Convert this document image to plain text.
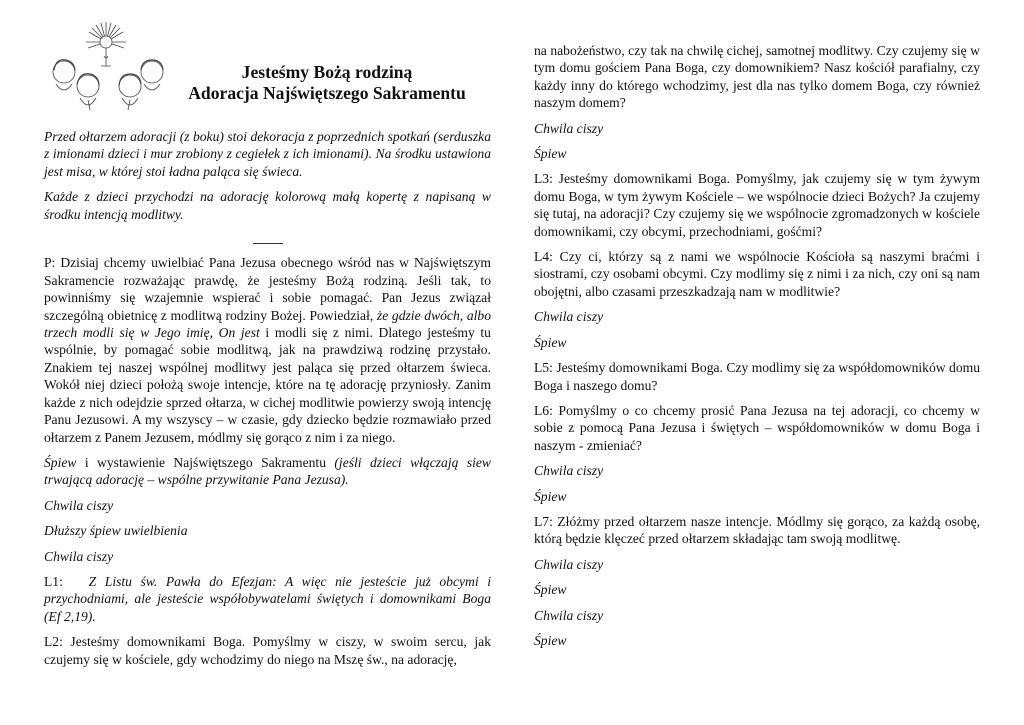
Jesteśmy Bożą rodziną
Adoracja Najświętszego Sakramentu

Przed ołtarzem adoracji (z boku) stoi dekoracja z poprzednich spotkań (serduszka z imionami dzieci i mur zrobiony z cegiełek z ich imionami). Na środku ustawiona jest misa, w której stoi ładna paląca się świeca.

Każde z dzieci przychodzi na adorację kolorową małą kopertę z napisaną w środku intencją modlitwy.

P: Dzisiaj chcemy uwielbiać Pana Jezusa obecnego wśród nas w Najświętszym Sakramencie rozważając prawdę, że jesteśmy Bożą rodziną. Jeśli tak, to powinniśmy się wzajemnie wspierać i sobie pomagać. Pan Jezus związał szczególną obietnicę z modlitwą rodziny Bożej. Powiedział, że gdzie dwóch, albo trzech modli się w Jego imię, On jest i modli się z nimi. Dlatego jesteśmy tu wspólnie, by pomagać sobie modlitwą, jak na prawdziwą rodzinę przystało. Znakiem tej naszej wspólnej modlitwy jest paląca się przed ołtarzem świeca. Wokół niej dzieci położą swoje intencje, które na tę adorację przyniosły. Zanim każde z nich odejdzie sprzed ołtarza, w cichej modlitwie powierzy swoją intencję Panu Jezusowi. A my wszyscy – w czasie, gdy dziecko będzie rozmawiało przed ołtarzem z Panem Jezusem, módlmy się gorąco z nim i za niego.

Śpiew i wystawienie Najświętszego Sakramentu (jeśli dzieci włączają siew trwającą adorację – wspólne przywitanie Pana Jezusa).

Chwila ciszy

Dłuższy śpiew uwielbienia

Chwila ciszy

L1: Z Listu św. Pawła do Efezjan: A więc nie jesteście już obcymi i przychodniami, ale jesteście współobywatelami świętych i domownikami Boga (Ef 2,19).

L2: Jesteśmy domownikami Boga. Pomyślmy w ciszy, w swoim sercu, jak czujemy się w kościele, gdy wchodzimy do niego na Mszę św., na adorację,

na nabożeństwo, czy tak na chwilę cichej, samotnej modlitwy. Czy czujemy się w tym domu gościem Pana Boga, czy domownikiem? Nasz kościół parafialny, czy każdy inny do którego wchodzimy, jest dla nas tylko domem Boga, czy również naszym domem?

Chwila ciszy

Śpiew

L3: Jesteśmy domownikami Boga. Pomyślmy, jak czujemy się w tym żywym domu Boga, w tym żywym Kościele – we wspólnocie dzieci Bożych? Ja czujemy się tutaj, na adoracji? Czy czujemy się we wspólnocie zgromadzonych w kościele domownikami, czy obcymi, przechodniami, gośćmi?

L4: Czy ci, którzy są z nami we wspólnocie Kościoła są naszymi braćmi i siostrami, czy osobami obcymi. Czy modlimy się z nimi i za nich, czy oni są nam obojętni, albo czasami przeszkadzają nam w modlitwie?

Chwila ciszy

Śpiew

L5: Jesteśmy domownikami Boga. Czy modlimy się za współdomowników domu Boga i naszego domu?

L6: Pomyślmy o co chcemy prosić Pana Jezusa na tej adoracji, co chcemy w sobie z pomocą Pana Jezusa i świętych – współdomowników w domu Boga i naszym - zmieniać?

Chwila ciszy

Śpiew

L7: Złóżmy przed ołtarzem nasze intencje. Módlmy się gorąco, za każdą osobę, którą będzie klęczeć przed ołtarzem składając tam swoją modlitwę.

Chwila ciszy

Śpiew

Chwila ciszy

Śpiew
